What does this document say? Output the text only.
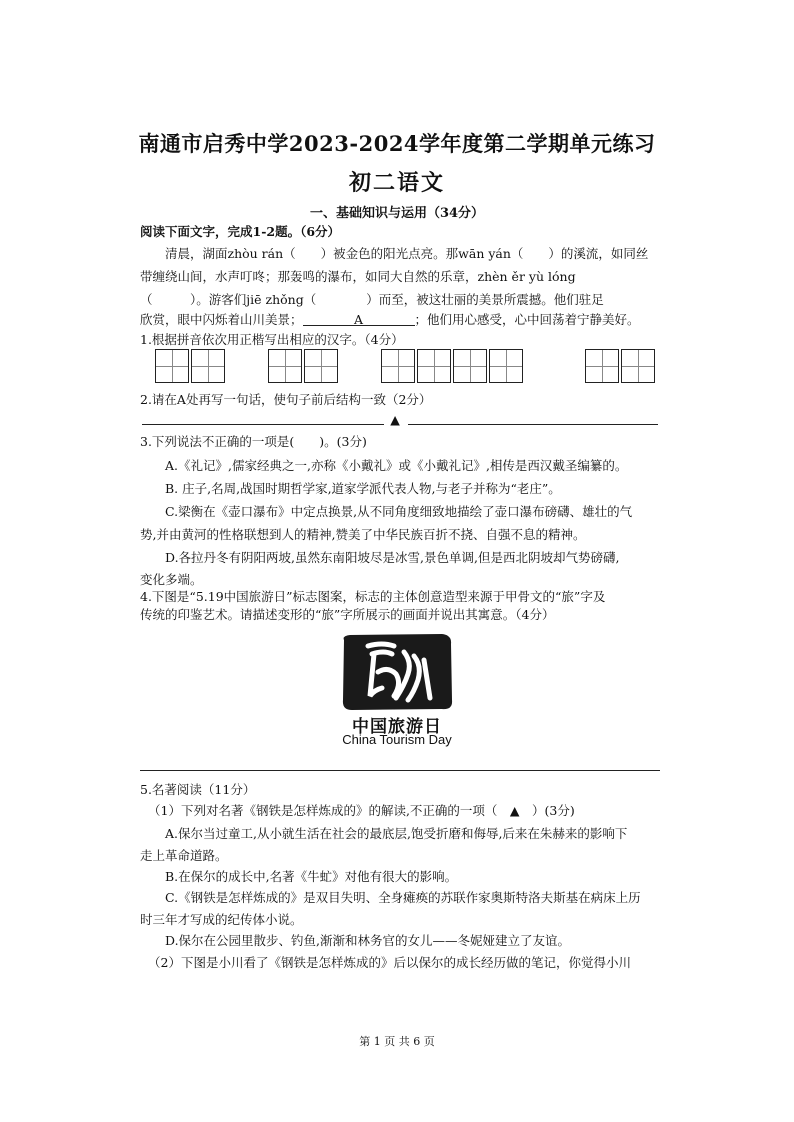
南通市启秀中学2023-2024学年度第二学期单元练习
初二语文
一、基础知识与运用（34分）
阅读下面文字，完成1-2题。（6分）
清晨，湖面zhòu rán（　　）被金色的阳光点亮。那wān yán（　　）的溪流，如同丝
带缠绕山间，水声叮咚；那轰鸣的瀑布，如同大自然的乐章，zhèn ěr yù lóng
（　　　）。游客们jiē zhǒng（　　　　）而至，被这壮丽的美景所震撼。他们驻足
欣赏，眼中闪烁着山川美景；	A	；他们用心感受，心中回荡着宁静美好。
1.根据拼音依次用正楷写出相应的汉字。（4分）
2.请在A处再写一句话，使句子前后结构一致（2分）
▲
3.下列说法不正确的一项是(　　)。(3分)
A.《礼记》,儒家经典之一,亦称《小戴礼》或《小戴礼记》,相传是西汉戴圣编纂的。
B. 庄子,名周,战国时期哲学家,道家学派代表人物,与老子并称为“老庄”。
C.梁衡在《壶口瀑布》中定点换景,从不同角度细致地描绘了壶口瀑布磅礴、雄壮的气
势,并由黄河的性格联想到人的精神,赞美了中华民族百折不挠、自强不息的精神。
D.各拉丹冬有阴阳两坡,虽然东南阳坡尽是冰雪,景色单调,但是西北阴坡却气势磅礴,
变化多端。
4.下图是“5.19中国旅游日”标志图案，标志的主体创意造型来源于甲骨文的“旅”字及
传统的印鉴艺术。请描述变形的“旅”字所展示的画面并说出其寓意。（4分）
中国旅游日
China Tourism Day
5.名著阅读（11分）
（1）下列对名著《钢铁是怎样炼成的》的解读,不正确的一项（　▲　）(3分)
A.保尔当过童工,从小就生活在社会的最底层,饱受折磨和侮辱,后来在朱赫来的影响下
走上革命道路。
B.在保尔的成长中,名著《牛虻》对他有很大的影响。
C.《钢铁是怎样炼成的》是双目失明、全身瘫痪的苏联作家奥斯特洛夫斯基在病床上历
时三年才写成的纪传体小说。
D.保尔在公园里散步、钓鱼,渐渐和林务官的女儿——冬妮娅建立了友谊。
（2）下图是小川看了《钢铁是怎样炼成的》后以保尔的成长经历做的笔记，你觉得小川
第 1 页 共 6 页
